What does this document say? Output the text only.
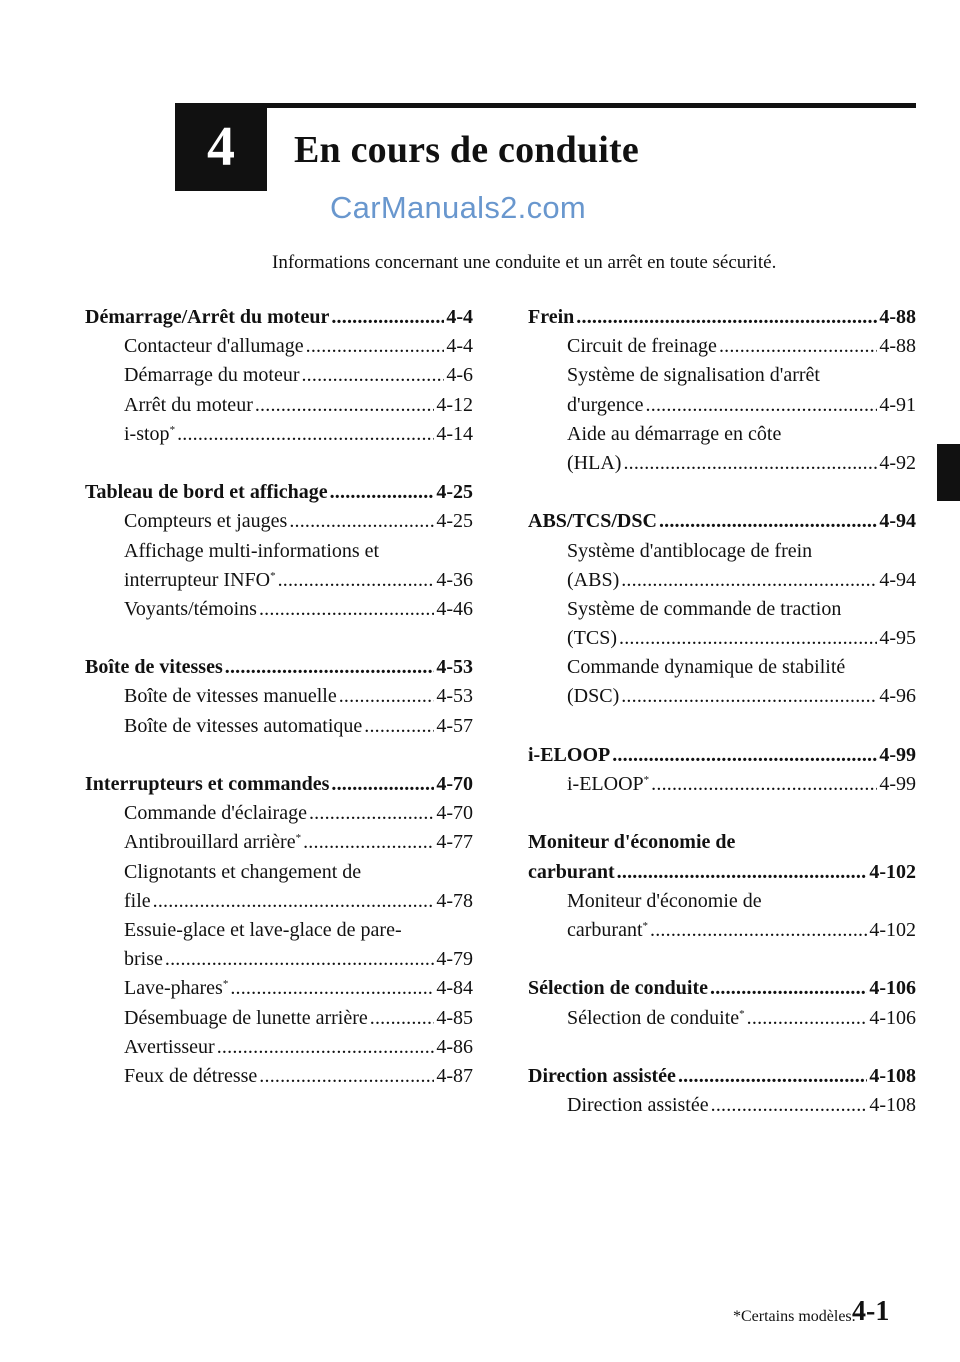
4	En cours de conduite
CarManuals2.com
Informations concernant une conduite et un arrêt en toute sécurité.
Démarrage/Arrêt du moteur .....	4-4
Contacteur d'allumage .....	4-4
Démarrage du moteur .....	4-6
Arrêt du moteur .....	4-12
i-stop* .....	4-14
Tableau de bord et affichage .....	4-25
Compteurs et jauges .....	4-25
Affichage multi-informations et
interrupteur INFO* .....	4-36
Voyants/témoins .....	4-46
Boîte de vitesses .....	4-53
Boîte de vitesses manuelle .....	4-53
Boîte de vitesses automatique .....	4-57
Interrupteurs et commandes .....	4-70
Commande d'éclairage .....	4-70
Antibrouillard arrière* .....	4-77
Clignotants et changement de
file .....	4-78
Essuie-glace et lave-glace de pare-
brise .....	4-79
Lave-phares* .....	4-84
Désembuage de lunette arrière .....	4-85
Avertisseur .....	4-86
Feux de détresse .....	4-87
Frein .....	4-88
Circuit de freinage .....	4-88
Système de signalisation d'arrêt
d'urgence .....	4-91
Aide au démarrage en côte
(HLA) .....	4-92
ABS/TCS/DSC .....	4-94
Système d'antiblocage de frein
(ABS) .....	4-94
Système de commande de traction
(TCS) .....	4-95
Commande dynamique de stabilité
(DSC) .....	4-96
i-ELOOP .....	4-99
i-ELOOP* .....	4-99
Moniteur d'économie de
carburant .....	4-102
Moniteur d'économie de
carburant* .....	4-102
Sélection de conduite .....	4-106
Sélection de conduite* .....	4-106
Direction assistée .....	4-108
Direction assistée .....	4-108
*Certains modèles.
4-1
